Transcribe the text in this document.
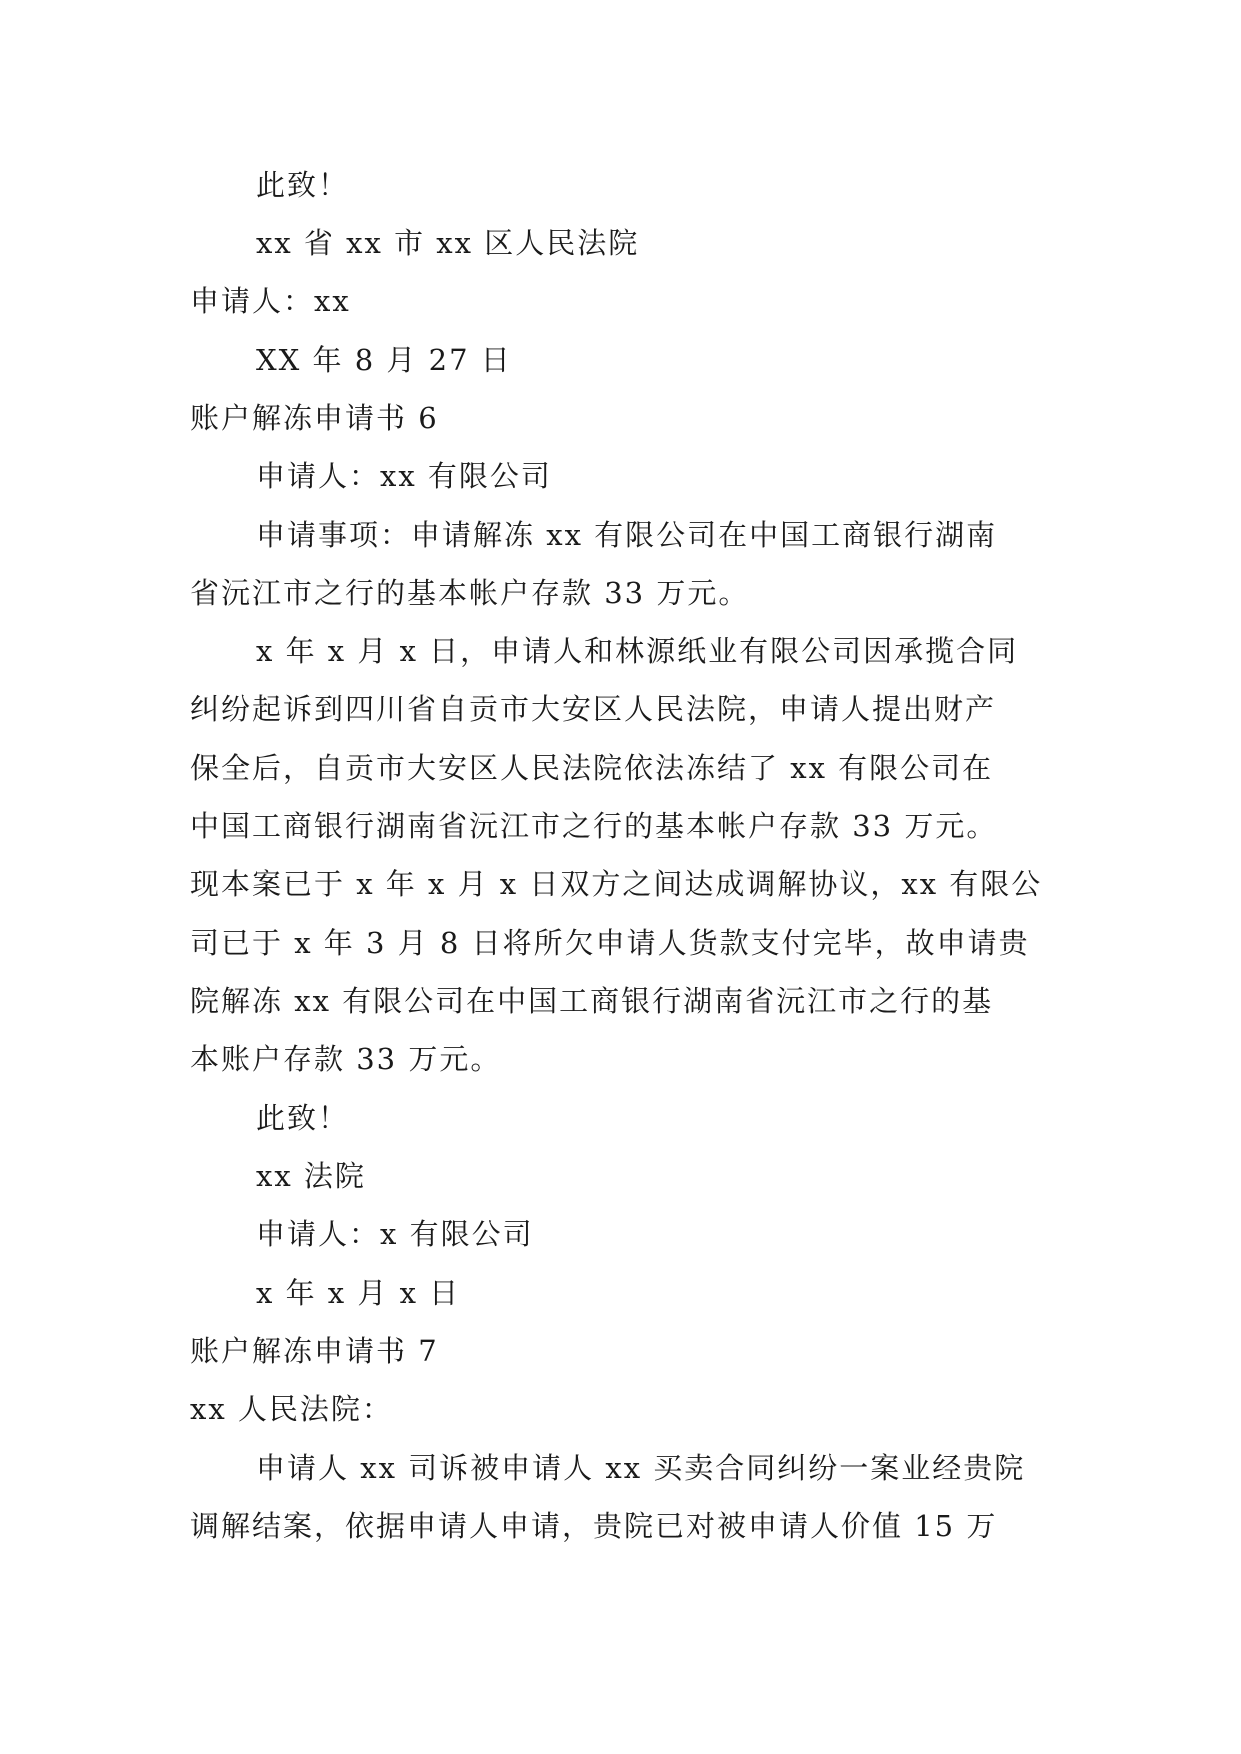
此致！
xx 省 xx 市 xx 区人民法院
申请人：xx
XX 年 8 月 27 日
账户解冻申请书 6
申请人：xx 有限公司
申请事项：申请解冻 xx 有限公司在中国工商银行湖南
省沅江市之行的基本帐户存款 33 万元。
x 年 x 月 x 日，申请人和林源纸业有限公司因承揽合同
纠纷起诉到四川省自贡市大安区人民法院，申请人提出财产
保全后，自贡市大安区人民法院依法冻结了 xx 有限公司在
中国工商银行湖南省沅江市之行的基本帐户存款 33 万元。
现本案已于 x 年 x 月 x 日双方之间达成调解协议，xx 有限公
司已于 x 年 3 月 8 日将所欠申请人货款支付完毕，故申请贵
院解冻 xx 有限公司在中国工商银行湖南省沅江市之行的基
本账户存款 33 万元。
此致！
xx 法院
申请人：x 有限公司
x 年 x 月 x 日
账户解冻申请书 7
xx 人民法院：
申请人 xx 司诉被申请人 xx 买卖合同纠纷一案业经贵院
调解结案，依据申请人申请，贵院已对被申请人价值 15 万
